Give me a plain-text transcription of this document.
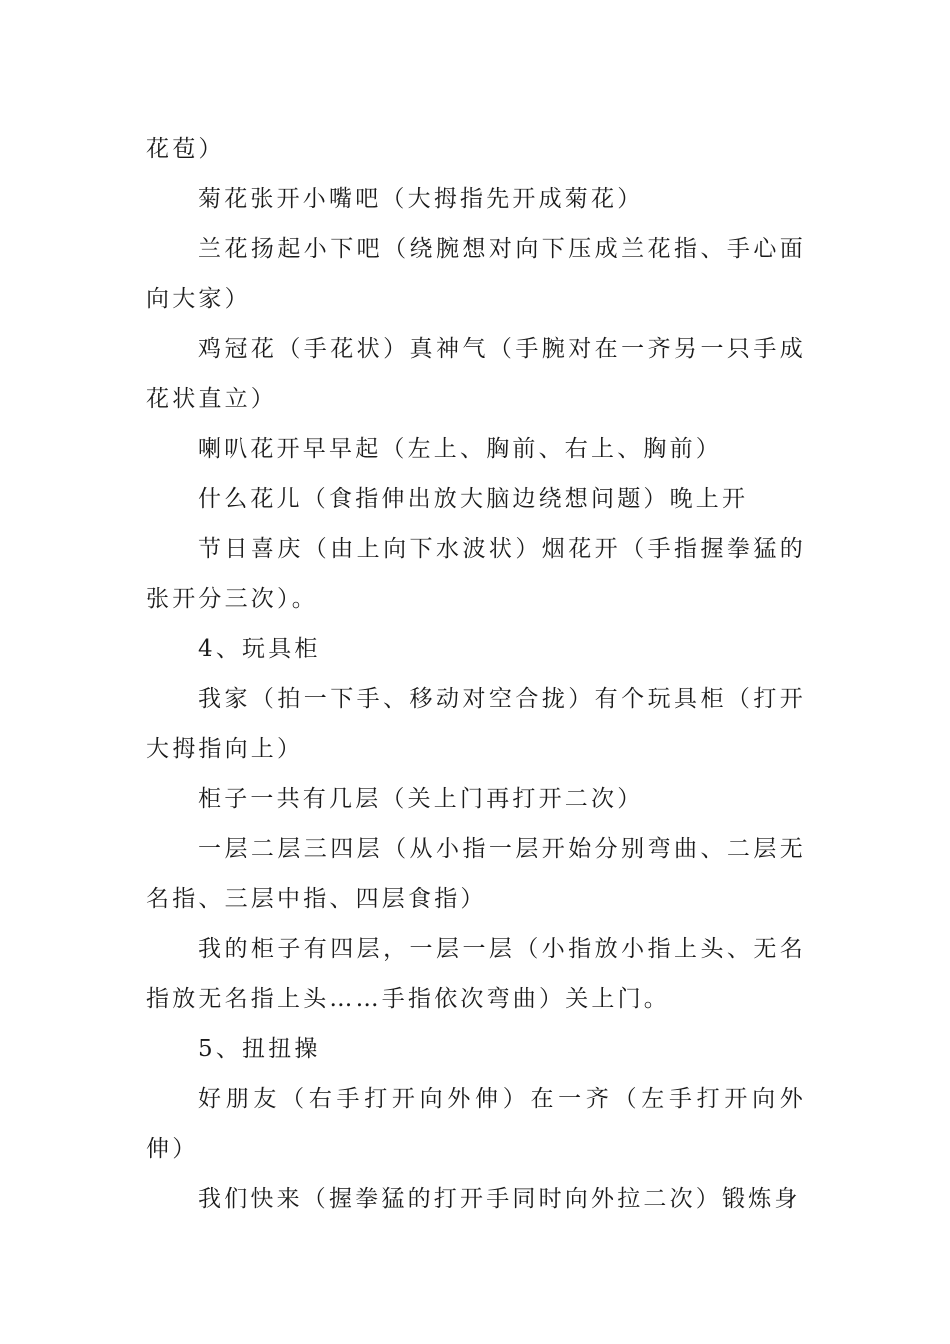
花苞）

菊花张开小嘴吧（大拇指先开成菊花）

兰花扬起小下吧（绕腕想对向下压成兰花指、手心面向大家）

鸡冠花（手花状）真神气（手腕对在一齐另一只手成花状直立）

喇叭花开早早起（左上、胸前、右上、胸前）

什么花儿（食指伸出放大脑边绕想问题）晚上开

节日喜庆（由上向下水波状）烟花开（手指握拳猛的张开分三次）。

4、玩具柜

我家（拍一下手、移动对空合拢）有个玩具柜（打开大拇指向上）

柜子一共有几层（关上门再打开二次）

一层二层三四层（从小指一层开始分别弯曲、二层无名指、三层中指、四层食指）

我的柜子有四层，一层一层（小指放小指上头、无名指放无名指上头……手指依次弯曲）关上门。

5、扭扭操

好朋友（右手打开向外伸）在一齐（左手打开向外伸）

我们快来（握拳猛的打开手同时向外拉二次）锻炼身
